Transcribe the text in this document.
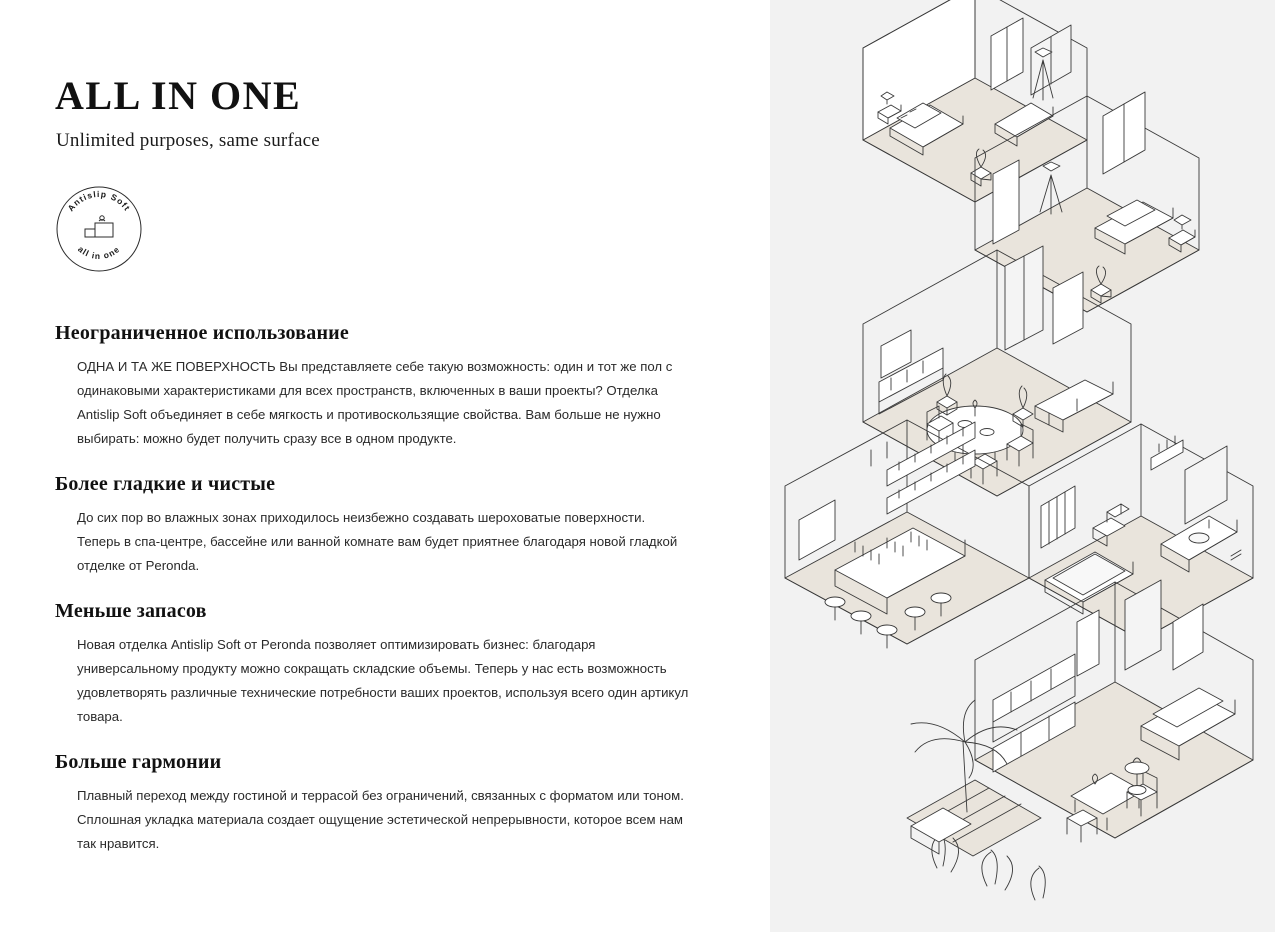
ALL IN ONE
Unlimited purposes, same surface
Antislip Soft
all in one
Неограниченное использование

ОДНА И ТА ЖЕ ПОВЕРХНОСТЬ Вы представляете себе такую возможность: один и тот же пол с одинаковыми характеристиками для всех пространств, включенных в ваши проекты? Отделка Antislip Soft объединяет в себе мягкость и противоскользящие свойства. Вам больше не нужно выбирать: можно будет получить сразу все в одном продукте.

Более гладкие и чистые

До сих пор во влажных зонах приходилось неизбежно создавать шероховатые поверхности. Теперь в спа-центре, бассейне или ванной комнате вам будет приятнее благодаря новой гладкой отделке от Peronda.

Меньше запасов

Новая отделка Antislip Soft от Peronda позволяет оптимизировать бизнес: благодаря универсальному продукту можно сокращать складские объемы. Теперь у нас есть возможность удовлетворять различные технические потребности ваших проектов, используя всего один артикул товара.

Больше гармонии

Плавный переход между гостиной и террасой без ограничений, связанных с форматом или тоном. Сплошная укладка материала создает ощущение эстетической непрерывности, которое всем нам так нравится.
